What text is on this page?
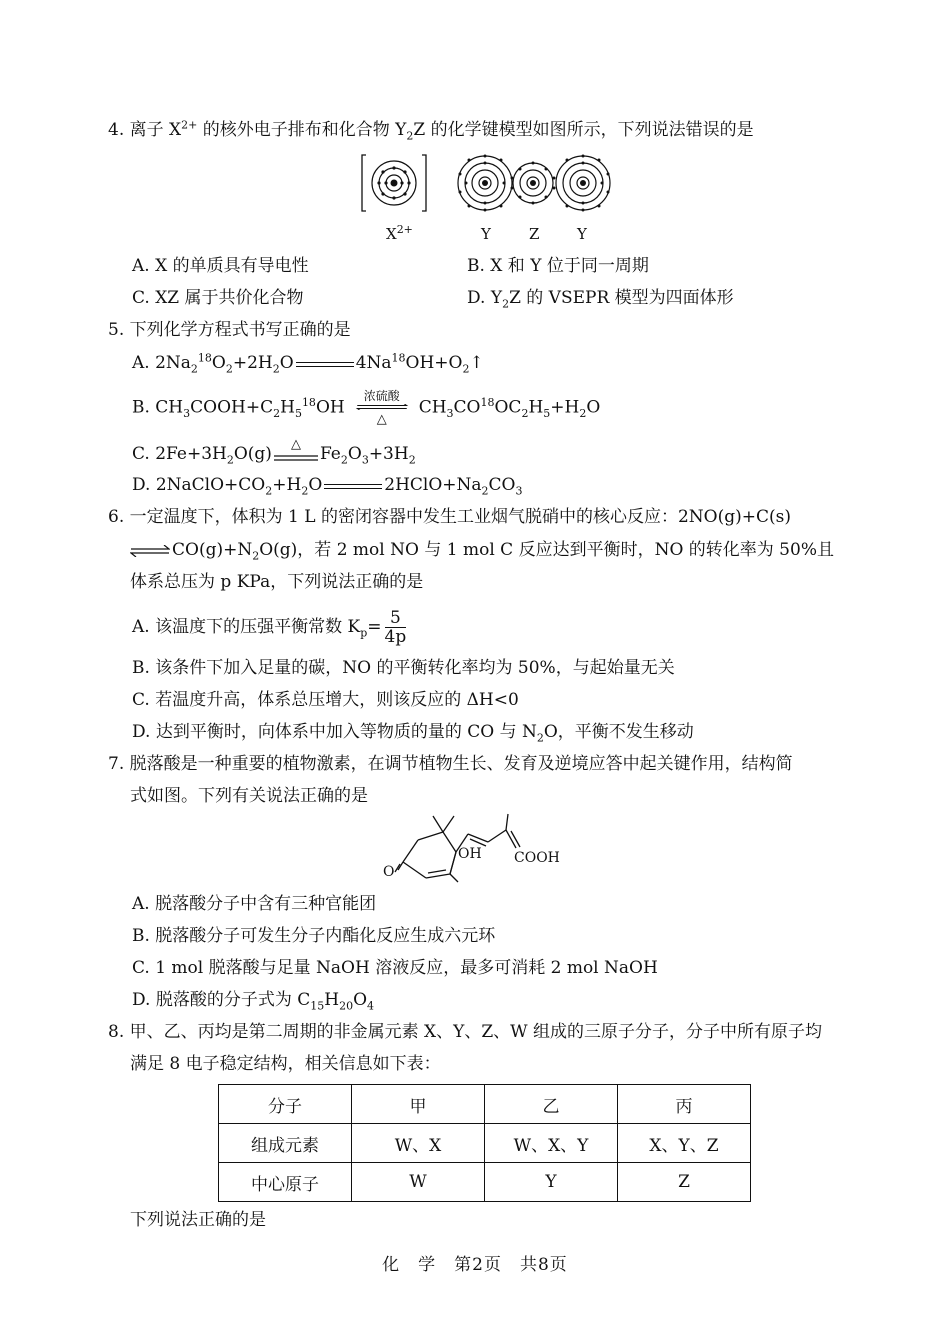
4. 离子 $X^{2+}$ 的核外电子排布和化合物 $Y_2Z$ 的化学键模型如图所示，下列说法错误的是
$X^{2+}$	Y	Z	Y
A. X 的单质具有导电性	B. X 和 Y 位于同一周期
C. XZ 属于共价化合物	D. $Y_2Z$ 的 VSEPR 模型为四面体形
5. 下列化学方程式书写正确的是
A. $2Na_2^{18}O_2+2H_2O$	$4Na^{18}OH+O_2↑$
B. $CH_3COOH+C_2H_5^{18}OH$
浓硫酸
△
$CH_3CO^{18}OC_2H_5+H_2O$
C. $2Fe+3H_2O(g)$	△	$Fe_2O_3+3H_2$
D. $2NaClO+CO_2+H_2O$	$2HClO+Na_2CO_3$
6. 一定温度下，体积为 1 L 的密闭容器中发生工业烟气脱硝中的核心反应：2NO(g)+C(s)
⇌ $CO(g)+N_2O(g)$，若 2 mol NO 与 1 mol C 反应达到平衡时，NO 的转化率为 50%且
体系总压为 p KPa，下列说法正确的是
A. 该温度下的压强平衡常数 $K_p= \frac{5}{4p}$
B. 该条件下加入足量的碳，NO 的平衡转化率均为 50%，与起始量无关
C. 若温度升高，体系总压增大，则该反应的 ΔH<0
D. 达到平衡时，向体系中加入等物质的量的 CO 与 $N_2O$，平衡不发生移动
7. 脱落酸是一种重要的植物激素，在调节植物生长、发育及逆境应答中起关键作用，结构简
式如图。下列有关说法正确的是
OH COOH
O
A. 脱落酸分子中含有三种官能团
B. 脱落酸分子可发生分子内酯化反应生成六元环
C. 1 mol 脱落酸与足量 NaOH 溶液反应，最多可消耗 2 mol NaOH
D. 脱落酸的分子式为 $C_{15}H_{20}O_4$
8. 甲、乙、丙均是第二周期的非金属元素 X、Y、Z、W 组成的三原子分子，分子中所有原子均
满足 8 电子稳定结构，相关信息如下表：
分子	甲	乙	丙
组成元素	W、X	W、X、Y	X、Y、Z
中心原子	W	Y	Z
下列说法正确的是
化　学　第2页　共8页
